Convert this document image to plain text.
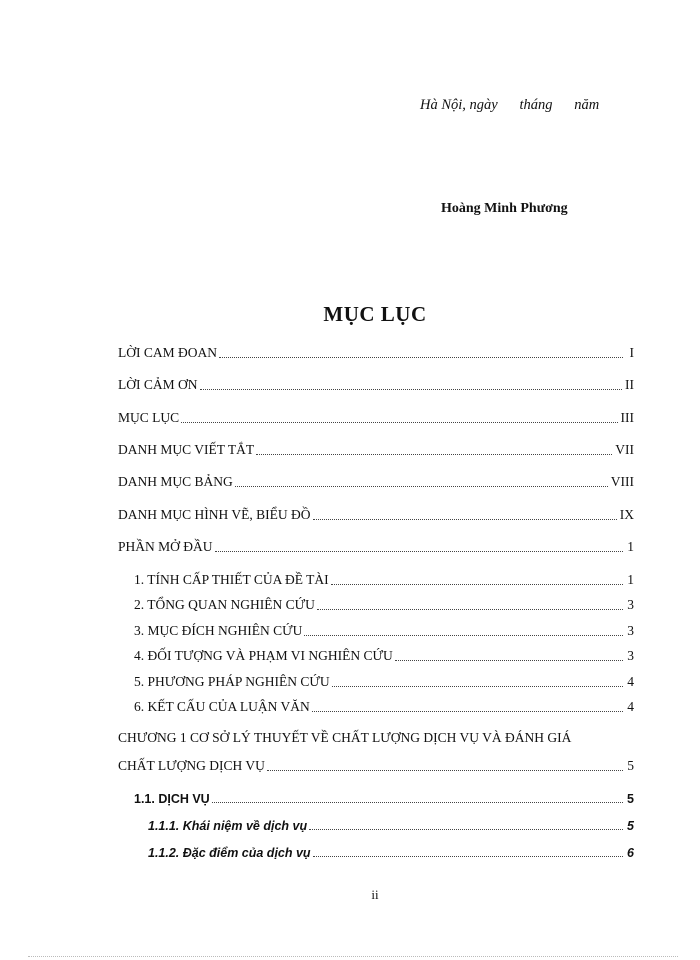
Hà Nội, ngày      tháng      năm
Hoàng Minh Phương
MỤC LỤC
LỜI CAM ĐOAN	I
LỜI CẢM ƠN	II
MỤC LỤC	III
DANH MỤC VIẾT TẮT	VII
DANH MỤC BẢNG	VIII
DANH MỤC HÌNH VẼ, BIỂU ĐỒ	IX
PHẦN MỞ ĐẦU	1
1. TÍNH CẤP THIẾT CỦA ĐỀ TÀI	1
2. TỔNG QUAN NGHIÊN CỨU	3
3. MỤC ĐÍCH NGHIÊN CỨU	3
4. ĐỐI TƯỢNG VÀ PHẠM VI NGHIÊN CỨU	3
5. PHƯƠNG PHÁP NGHIÊN CỨU	4
6. KẾT CẤU CỦA LUẬN VĂN	4
CHƯƠNG 1 CƠ SỞ LÝ THUYẾT VỀ CHẤT LƯỢNG DỊCH VỤ VÀ ĐÁNH GIÁ
CHẤT LƯỢNG DỊCH VỤ	5
1.1. DỊCH VỤ	5
1.1.1. Khái niệm về dịch vụ	5
1.1.2. Đặc điểm của dịch vụ	6
ii
